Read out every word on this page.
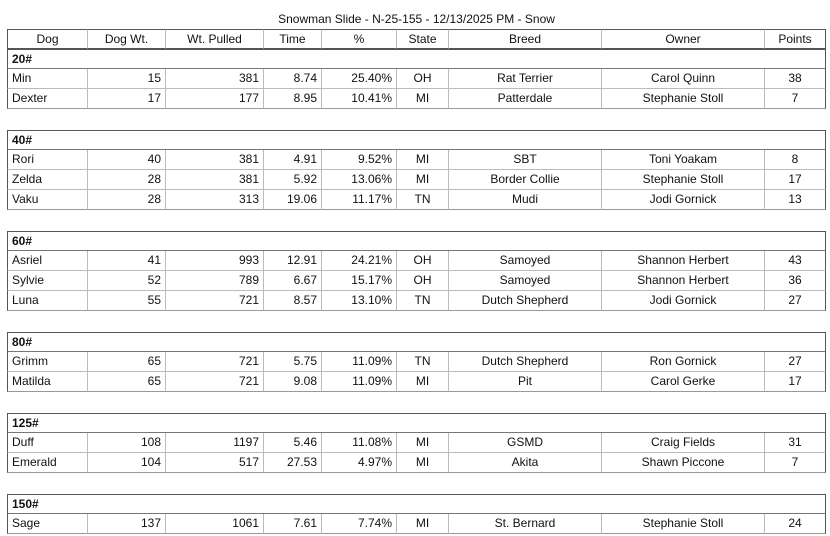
Snowman Slide - N-25-155 - 12/13/2025 PM - Snow
Dog	Dog Wt.	Wt. Pulled	Time	%	State	Breed	Owner	Points
20#
Min	15	381	8.74	25.40%	OH	Rat Terrier	Carol Quinn	38
Dexter	17	177	8.95	10.41%	MI	Patterdale	Stephanie Stoll	7
40#
Rori	40	381	4.91	9.52%	MI	SBT	Toni Yoakam	8
Zelda	28	381	5.92	13.06%	MI	Border Collie	Stephanie Stoll	17
Vaku	28	313	19.06	11.17%	TN	Mudi	Jodi Gornick	13
60#
Asriel	41	993	12.91	24.21%	OH	Samoyed	Shannon Herbert	43
Sylvie	52	789	6.67	15.17%	OH	Samoyed	Shannon Herbert	36
Luna	55	721	8.57	13.10%	TN	Dutch Shepherd	Jodi Gornick	27
80#
Grimm	65	721	5.75	11.09%	TN	Dutch Shepherd	Ron Gornick	27
Matilda	65	721	9.08	11.09%	MI	Pit	Carol Gerke	17
125#
Duff	108	1197	5.46	11.08%	MI	GSMD	Craig Fields	31
Emerald	104	517	27.53	4.97%	MI	Akita	Shawn Piccone	7
150#
Sage	137	1061	7.61	7.74%	MI	St. Bernard	Stephanie Stoll	24
